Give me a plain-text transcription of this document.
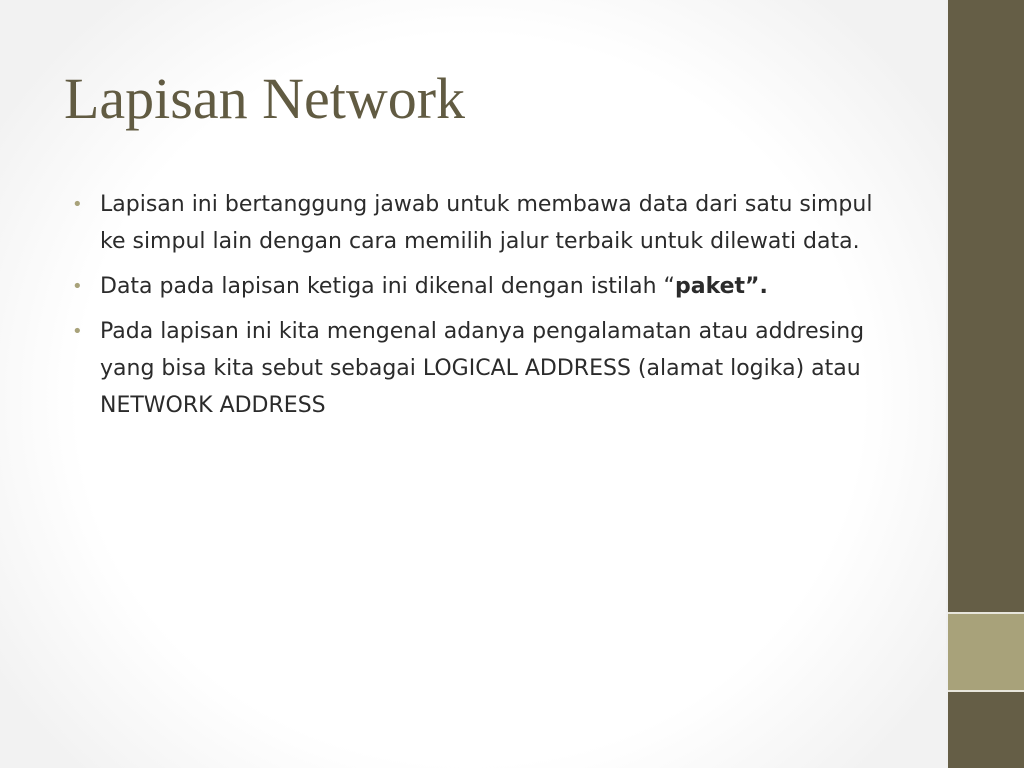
Lapisan Network
• Lapisan ini bertanggung jawab untuk membawa data dari satu simpul ke simpul lain dengan cara memilih jalur terbaik untuk dilewati data.
• Data pada lapisan ketiga ini dikenal dengan istilah “paket”.
• Pada lapisan ini kita mengenal adanya pengalamatan atau addresing yang bisa kita sebut sebagai LOGICAL ADDRESS (alamat logika) atau NETWORK ADDRESS
